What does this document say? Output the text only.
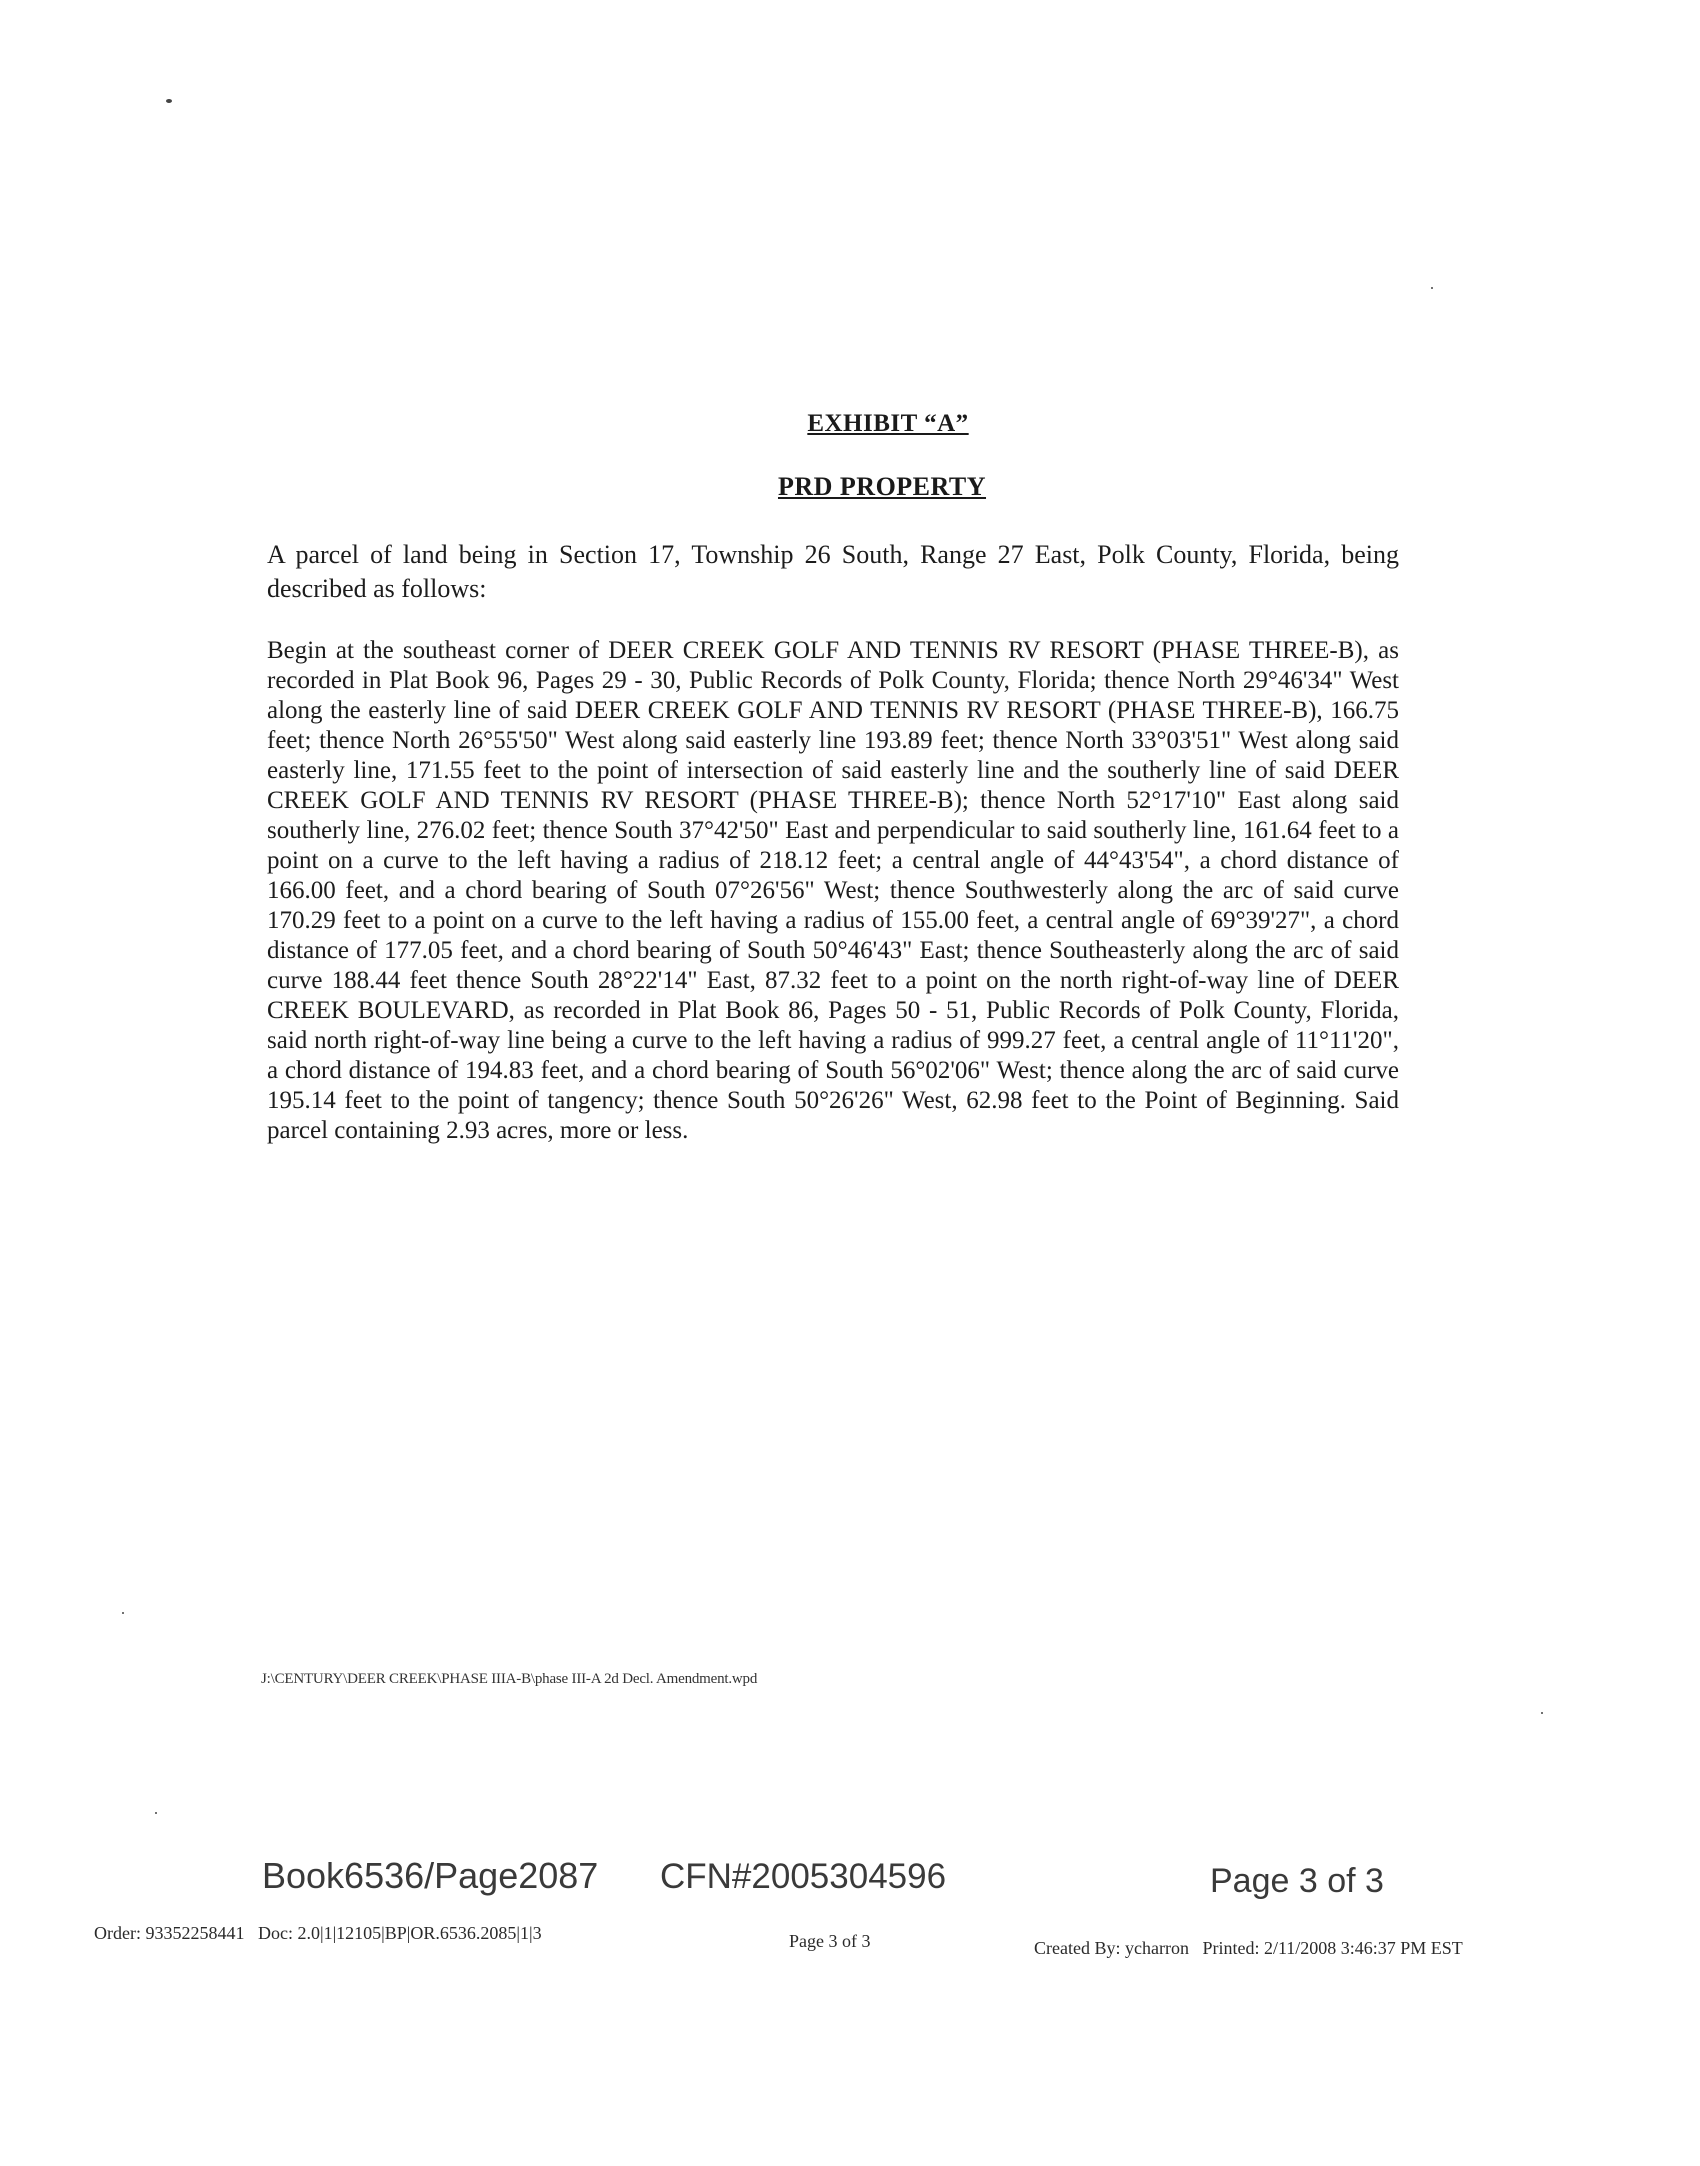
EXHIBIT “A”
PRD PROPERTY
A parcel of land being in Section 17, Township 26 South, Range 27 East, Polk County, Florida, being described as follows:
Begin at the southeast corner of DEER CREEK GOLF AND TENNIS RV RESORT (PHASE THREE-B), as recorded in Plat Book 96, Pages 29 - 30, Public Records of Polk County, Florida; thence North 29°46'34" West along the easterly line of said DEER CREEK GOLF AND TENNIS RV RESORT (PHASE THREE-B), 166.75 feet; thence North 26°55'50" West along said easterly line 193.89 feet; thence North 33°03'51" West along said easterly line, 171.55 feet to the point of intersection of said easterly line and the southerly line of said DEER CREEK GOLF AND TENNIS RV RESORT (PHASE THREE-B); thence North 52°17'10" East along said southerly line, 276.02 feet; thence South 37°42'50" East and perpendicular to said southerly line, 161.64 feet to a point on a curve to the left having a radius of 218.12 feet; a central angle of 44°43'54", a chord distance of 166.00 feet, and a chord bearing of South 07°26'56" West; thence Southwesterly along the arc of said curve 170.29 feet to a point on a curve to the left having a radius of 155.00 feet, a central angle of 69°39'27", a chord distance of 177.05 feet, and a chord bearing of South 50°46'43" East; thence Southeasterly along the arc of said curve 188.44 feet thence South 28°22'14" East, 87.32 feet to a point on the north right-of-way line of DEER CREEK BOULEVARD, as recorded in Plat Book 86, Pages 50 - 51, Public Records of Polk County, Florida, said north right-of-way line being a curve to the left having a radius of 999.27 feet, a central angle of 11°11'20", a chord distance of 194.83 feet, and a chord bearing of South 56°02'06" West; thence along the arc of said curve 195.14 feet to the point of tangency; thence South 50°26'26" West, 62.98 feet to the Point of Beginning. Said parcel containing 2.93 acres, more or less.
J:\CENTURY\DEER CREEK\PHASE IIIA-B\phase III-A 2d Decl. Amendment.wpd
Book6536/Page2087 CFN#2005304596	Page 3 of 3
Order: 93352258441   Doc: 2.0|1|12105|BP|OR.6536.2085|1|3	Page 3 of 3	Created By: ycharron   Printed: 2/11/2008 3:46:37 PM EST
